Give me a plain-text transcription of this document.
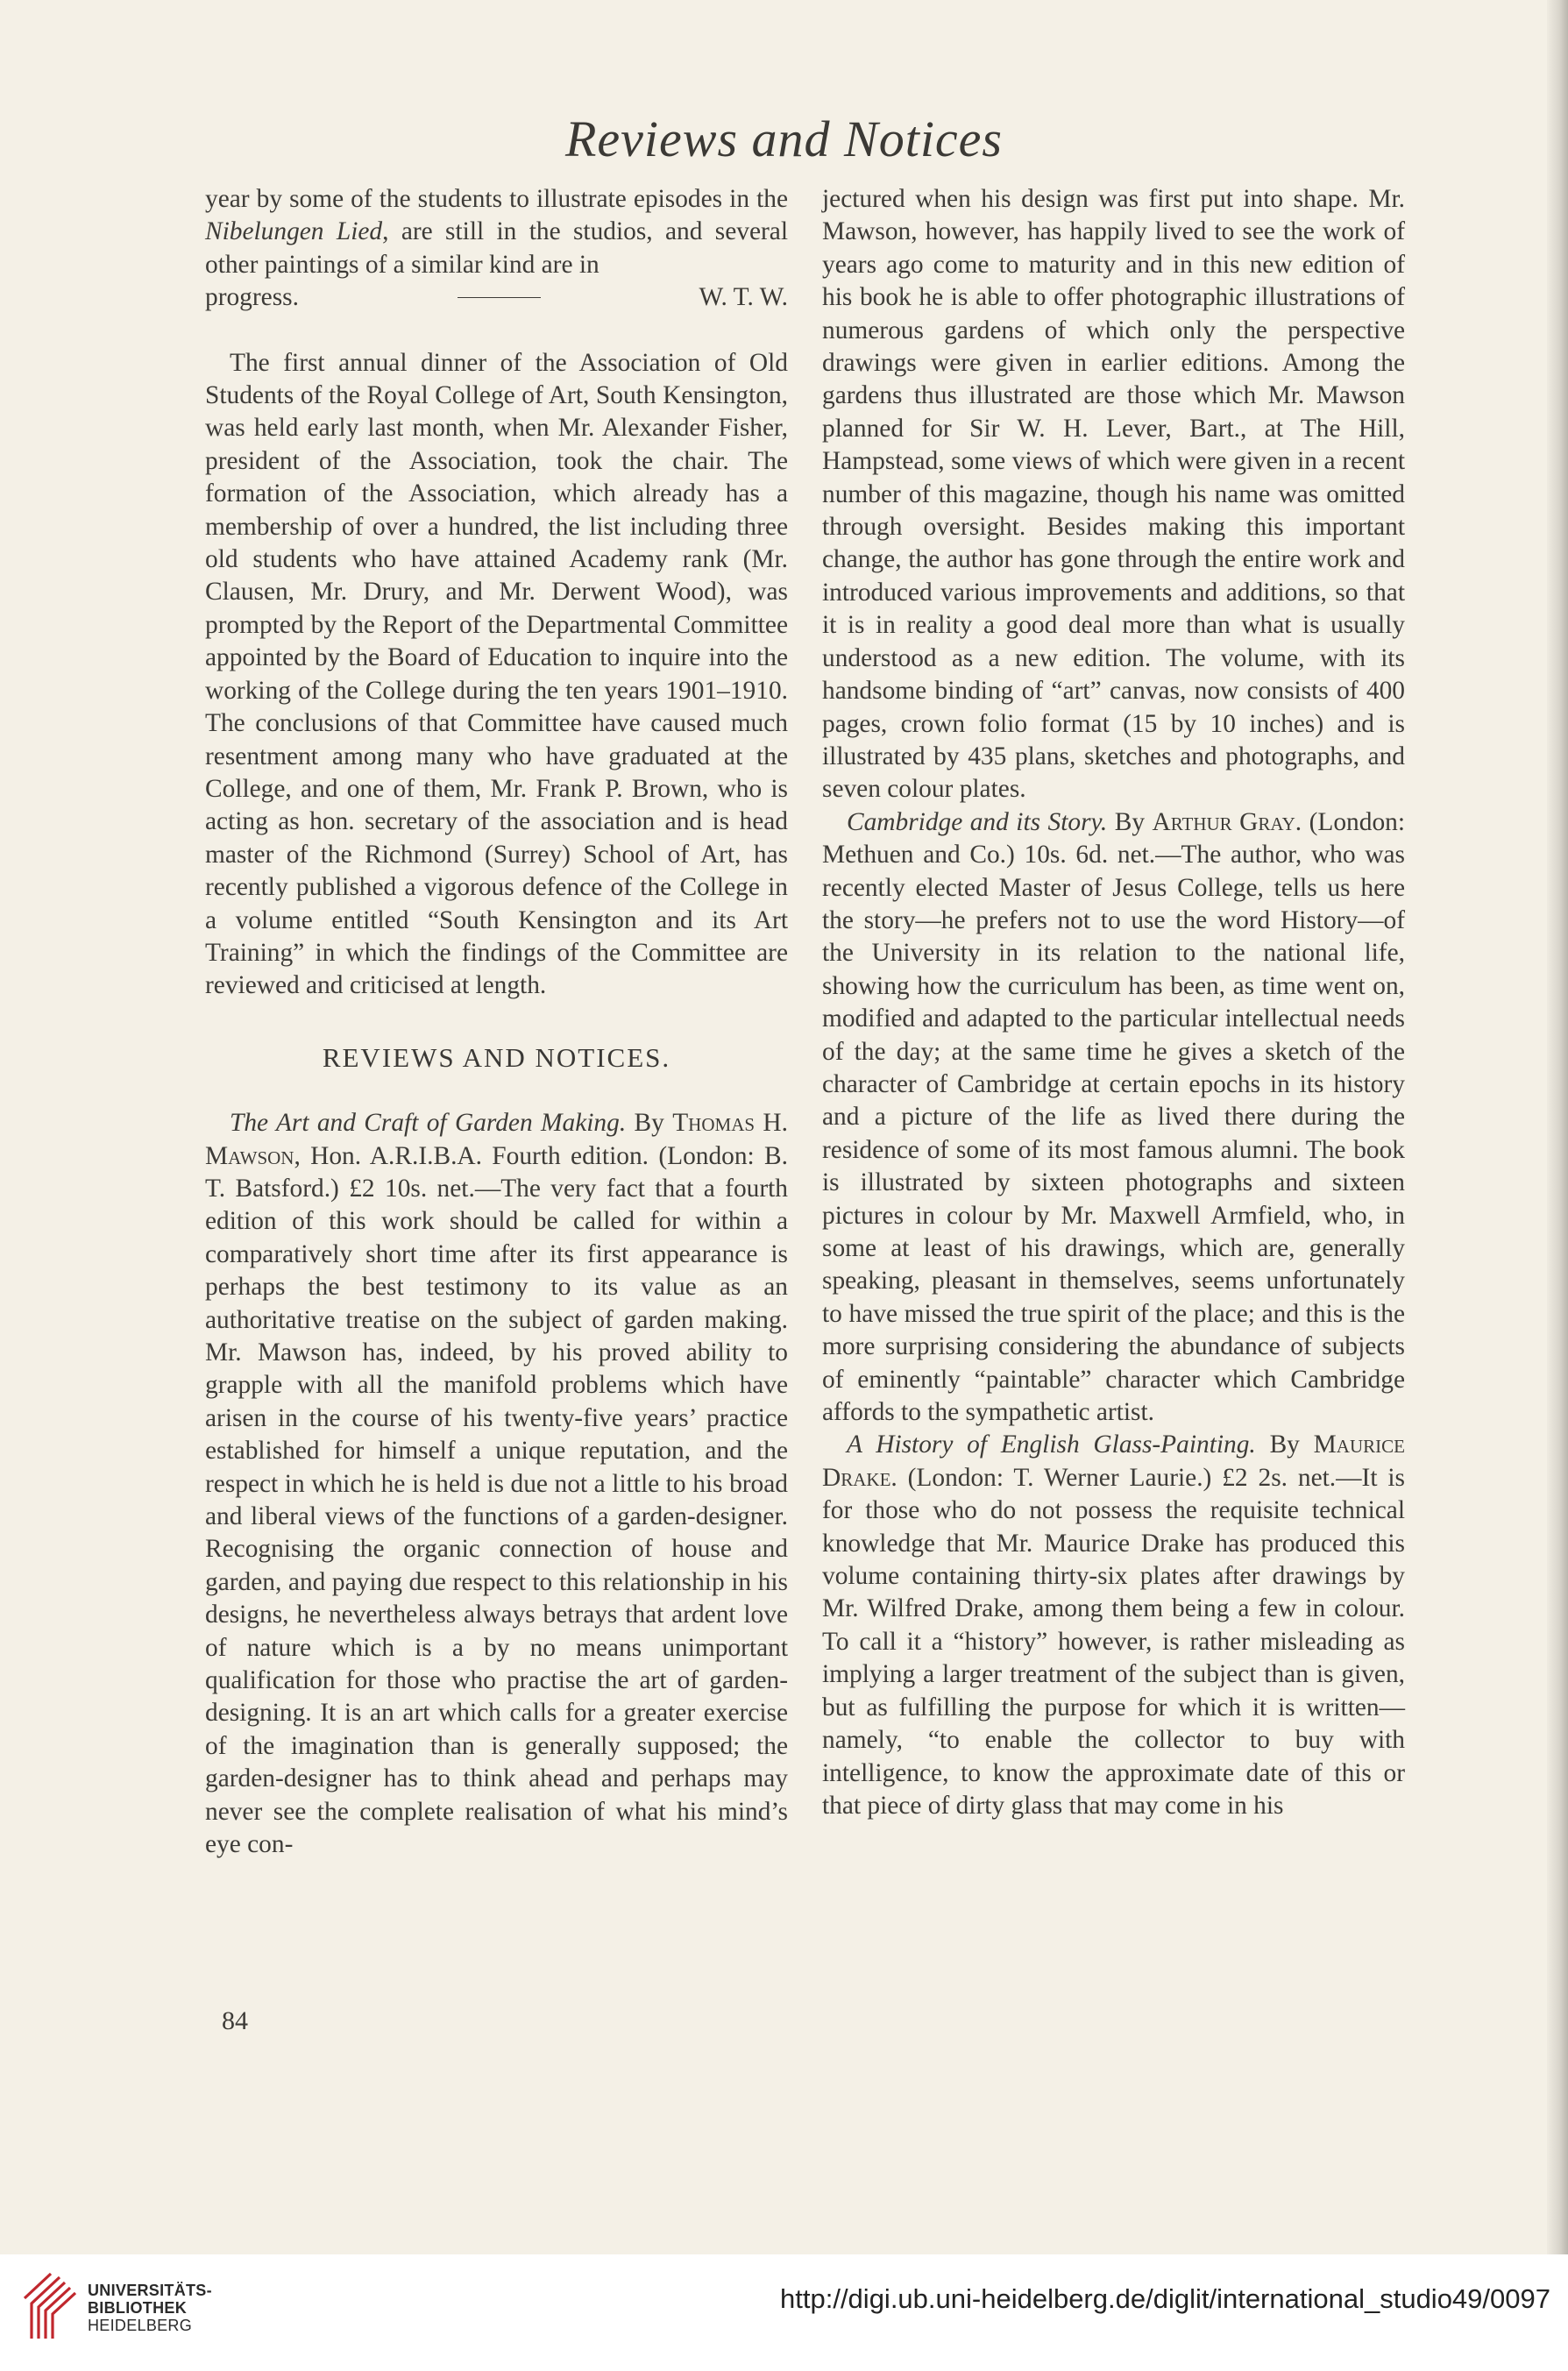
Reviews and Notices

year by some of the students to illustrate episodes in the Nibelungen Lied, are still in the studios, and several other paintings of a similar kind are in

progress.	W. T. W.

The first annual dinner of the Association of Old Students of the Royal College of Art, South Kensington, was held early last month, when Mr. Alexander Fisher, president of the Association, took the chair. The formation of the Association, which already has a membership of over a hundred, the list including three old students who have attained Academy rank (Mr. Clausen, Mr. Drury, and Mr. Derwent Wood), was prompted by the Report of the Departmental Committee appointed by the Board of Education to inquire into the working of the College during the ten years 1901–1910. The conclusions of that Committee have caused much resentment among many who have graduated at the College, and one of them, Mr. Frank P. Brown, who is acting as hon. secretary of the association and is head master of the Richmond (Surrey) School of Art, has recently published a vigorous defence of the College in a volume entitled “South Kensington and its Art Training” in which the findings of the Committee are reviewed and criticised at length.

REVIEWS AND NOTICES.

The Art and Craft of Garden Making. By Thomas H. Mawson, Hon. A.R.I.B.A. Fourth edition. (London: B. T. Batsford.) £2 10s. net.—The very fact that a fourth edition of this work should be called for within a comparatively short time after its first appearance is perhaps the best testimony to its value as an authoritative treatise on the subject of garden making. Mr. Mawson has, indeed, by his proved ability to grapple with all the manifold problems which have arisen in the course of his twenty-five years’ practice established for himself a unique reputation, and the respect in which he is held is due not a little to his broad and liberal views of the functions of a garden-designer. Recognising the organic connection of house and garden, and paying due respect to this relationship in his designs, he nevertheless always betrays that ardent love of nature which is a by no means unimportant qualification for those who practise the art of garden-designing. It is an art which calls for a greater exercise of the imagination than is generally supposed; the garden-designer has to think ahead and perhaps may never see the complete realisation of what his mind’s eye con-

jectured when his design was first put into shape. Mr. Mawson, however, has happily lived to see the work of years ago come to maturity and in this new edition of his book he is able to offer photographic illustrations of numerous gardens of which only the perspective drawings were given in earlier editions. Among the gardens thus illustrated are those which Mr. Mawson planned for Sir W. H. Lever, Bart., at The Hill, Hampstead, some views of which were given in a recent number of this magazine, though his name was omitted through oversight. Besides making this important change, the author has gone through the entire work and introduced various improvements and additions, so that it is in reality a good deal more than what is usually understood as a new edition. The volume, with its handsome binding of “art” canvas, now consists of 400 pages, crown folio format (15 by 10 inches) and is illustrated by 435 plans, sketches and photographs, and seven colour plates.

Cambridge and its Story. By Arthur Gray. (London: Methuen and Co.) 10s. 6d. net.—The author, who was recently elected Master of Jesus College, tells us here the story—he prefers not to use the word History—of the University in its relation to the national life, showing how the curriculum has been, as time went on, modified and adapted to the particular intellectual needs of the day; at the same time he gives a sketch of the character of Cambridge at certain epochs in its history and a picture of the life as lived there during the residence of some of its most famous alumni. The book is illustrated by sixteen photographs and sixteen pictures in colour by Mr. Maxwell Armfield, who, in some at least of his drawings, which are, generally speaking, pleasant in themselves, seems unfortunately to have missed the true spirit of the place; and this is the more surprising considering the abundance of subjects of eminently “paintable” character which Cambridge affords to the sympathetic artist.

A History of English Glass-Painting. By Maurice Drake. (London: T. Werner Laurie.) £2 2s. net.—It is for those who do not possess the requisite technical knowledge that Mr. Maurice Drake has produced this volume containing thirty-six plates after drawings by Mr. Wilfred Drake, among them being a few in colour. To call it a “history” however, is rather misleading as implying a larger treatment of the subject than is given, but as fulfilling the purpose for which it is written—namely, “to enable the collector to buy with intelligence, to know the approximate date of this or that piece of dirty glass that may come in his

84
UNIVERSITÄTS-
BIBLIOTHEK
HEIDELBERG
http://digi.ub.uni-heidelberg.de/diglit/international_studio49/0097
